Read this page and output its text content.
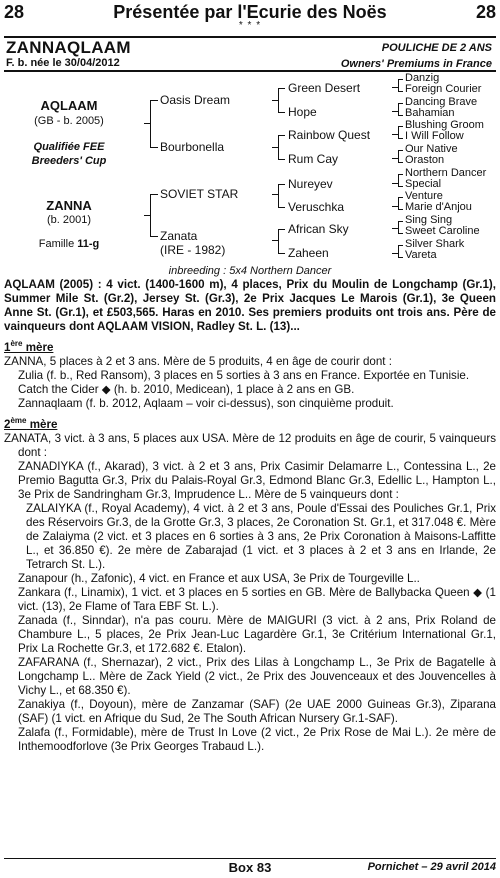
28	Présentée par l'Ecurie des Noës	28
* * *
ZANNAQLAAM	POULICHE DE 2 ANS
F. b. née le 30/04/2012	Owners' Premiums in France
AQLAAM
(GB - b. 2005)
Qualifiée FEE
Breeders' Cup
ZANNA
(b. 2001)
Famille 11-g
Oasis Dream
Bourbonella
SOVIET STAR
Zanata
(IRE - 1982)
Green Desert
Hope
Rainbow Quest
Rum Cay
Nureyev
Veruschka
African Sky
Zaheen
Danzig
Foreign Courier
Dancing Brave
Bahamian
Blushing Groom
I Will Follow
Our Native
Oraston
Northern Dancer
Special
Venture
Marie d'Anjou
Sing Sing
Sweet Caroline
Silver Shark
Vareta
inbreeding : 5x4 Northern Dancer

AQLAAM (2005) : 4 vict. (1400-1600 m), 4 places, Prix du Moulin de Longchamp (Gr.1), Summer Mile St. (Gr.2), Jersey St. (Gr.3), 2e Prix Jacques Le Marois (Gr.1), 3e Queen Anne St. (Gr.1), et £503,565. Haras en 2010. Ses premiers produits ont trois ans. Père de vainqueurs dont AQLAAM VISION, Radley St. L. (13)...

1ère mère

ZANNA, 5 places à 2 et 3 ans. Mère de 5 produits, 4 en âge de courir dont :

Zulia (f. b., Red Ransom), 3 places en 5 sorties à 3 ans en France. Exportée en Tunisie.

Catch the Cider ◆ (h. b. 2010, Medicean), 1 place à 2 ans en GB.

Zannaqlaam (f. b. 2012, Aqlaam – voir ci-dessus), son cinquième produit.

2ème mère

ZANATA, 3 vict. à 3 ans, 5 places aux USA. Mère de 12 produits en âge de courir, 5 vainqueurs dont :

ZANADIYKA (f., Akarad), 3 vict. à 2 et 3 ans, Prix Casimir Delamarre L., Contessina L., 2e Premio Bagutta Gr.3, Prix du Palais-Royal Gr.3, Edmond Blanc Gr.3, Edellic L., Hampton L., 3e Prix de Sandringham Gr.3, Imprudence L.. Mère de 5 vainqueurs dont :

ZALAIYKA (f., Royal Academy), 4 vict. à 2 et 3 ans, Poule d'Essai des Pouliches Gr.1, Prix des Réservoirs Gr.3, de la Grotte Gr.3, 3 places, 2e Coronation St. Gr.1, et 317.048 €. Mère de Zalaiyma (2 vict. et 3 places en 6 sorties à 3 ans, 2e Prix Coronation à Maisons-Laffitte L., et 36.850 €). 2e mère de Zabarajad (1 vict. et 3 places à 2 et 3 ans en Irlande, 2e Tetrarch St. L.).

Zanapour (h., Zafonic), 4 vict. en France et aux USA, 3e Prix de Tourgeville L..

Zankara (f., Linamix), 1 vict. et 3 places en 5 sorties en GB. Mère de Ballybacka Queen ◆ (1 vict. (13), 2e Flame of Tara EBF St. L.).

Zanada (f., Sinndar), n'a pas couru. Mère de MAIGURI (3 vict. à 2 ans, Prix Roland de Chambure L., 5 places, 2e Prix Jean-Luc Lagardère Gr.1, 3e Critérium International Gr.1, Prix La Rochette Gr.3, et 172.682 €. Etalon).

ZAFARANA (f., Shernazar), 2 vict., Prix des Lilas à Longchamp L., 3e Prix de Bagatelle à Longchamp L.. Mère de Zack Yield (2 vict., 2e Prix des Jouvenceaux et des Jouvencelles à Vichy L., et 68.350 €).

Zanakiya (f., Doyoun), mère de Zanzamar (SAF) (2e UAE 2000 Guineas Gr.3), Ziparana (SAF) (1 vict. en Afrique du Sud, 2e The South African Nursery Gr.1-SAF).

Zalafa (f., Formidable), mère de Trust In Love (2 vict., 2e Prix Rose de Mai L.). 2e mère de Inthemoodforlove (3e Prix Georges Trabaud L.).

Box 83	Pornichet – 29 avril 2014
